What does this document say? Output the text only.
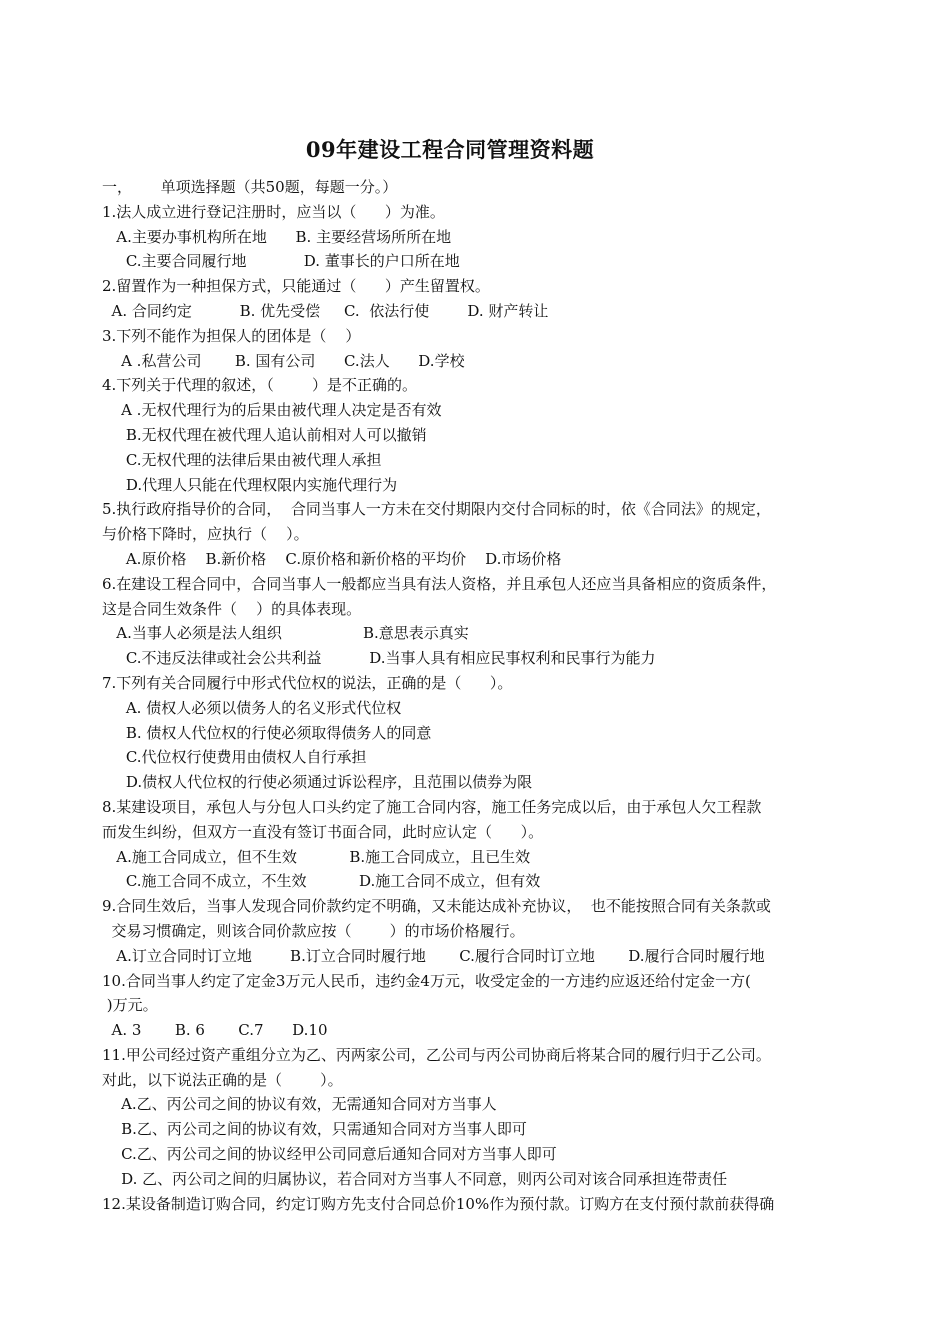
09年建设工程合同管理资料题
一，      单项选择题（共50题，每题一分。）
1.法人成立进行登记注册时，应当以（      ）为准。
A.主要办事机构所在地      B. 主要经营场所所在地
C.主要合同履行地            D. 董事长的户口所在地
2.留置作为一种担保方式，只能通过（      ）产生留置权。
A. 合同约定          B. 优先受偿     C.  依法行使        D. 财产转让
3.下列不能作为担保人的团体是（    ）
A .私营公司       B. 国有公司      C.法人      D.学校
4.下列关于代理的叙述，（        ）是不正确的。
A .无权代理行为的后果由被代理人决定是否有效
B.无权代理在被代理人追认前相对人可以撤销
C.无权代理的法律后果由被代理人承担
D.代理人只能在代理权限内实施代理行为
5.执行政府指导价的合同，  合同当事人一方未在交付期限内交付合同标的时，依《合同法》的规定，
与价格下降时，应执行（    ）。
A.原价格    B.新价格    C.原价格和新价格的平均价    D.市场价格
6.在建设工程合同中，合同当事人一般都应当具有法人资格，并且承包人还应当具备相应的资质条件，
这是合同生效条件（    ）的具体表现。
A.当事人必须是法人组织                 B.意思表示真实
C.不违反法律或社会公共利益          D.当事人具有相应民事权利和民事行为能力
7.下列有关合同履行中形式代位权的说法，正确的是（      ）。
A. 债权人必须以债务人的名义形式代位权
B. 债权人代位权的行使必须取得债务人的同意
C.代位权行使费用由债权人自行承担
D.债权人代位权的行使必须通过诉讼程序，且范围以债券为限
8.某建设项目，承包人与分包人口头约定了施工合同内容，施工任务完成以后，由于承包人欠工程款
而发生纠纷，但双方一直没有签订书面合同，此时应认定（      ）。
A.施工合同成立，但不生效           B.施工合同成立，且已生效
C.施工合同不成立，不生效           D.施工合同不成立，但有效
9.合同生效后，当事人发现合同价款约定不明确，又未能达成补充协议，  也不能按照合同有关条款或
交易习惯确定，则该合同价款应按（        ）的市场价格履行。
A.订立合同时订立地        B.订立合同时履行地       C.履行合同时订立地       D.履行合同时履行地
10.合同当事人约定了定金3万元人民币，违约金4万元，收受定金的一方违约应返还给付定金一方(
)万元。
A. 3       B. 6       C.7      D.10
11.甲公司经过资产重组分立为乙、丙两家公司，乙公司与丙公司协商后将某合同的履行归于乙公司。
对此，以下说法正确的是（        ）。
A.乙、丙公司之间的协议有效，无需通知合同对方当事人
B.乙、丙公司之间的协议有效，只需通知合同对方当事人即可
C.乙、丙公司之间的协议经甲公司同意后通知合同对方当事人即可
D. 乙、丙公司之间的归属协议，若合同对方当事人不同意，则丙公司对该合同承担连带责任
12.某设备制造订购合同，约定订购方先支付合同总价10%作为预付款。订购方在支付预付款前获得确
